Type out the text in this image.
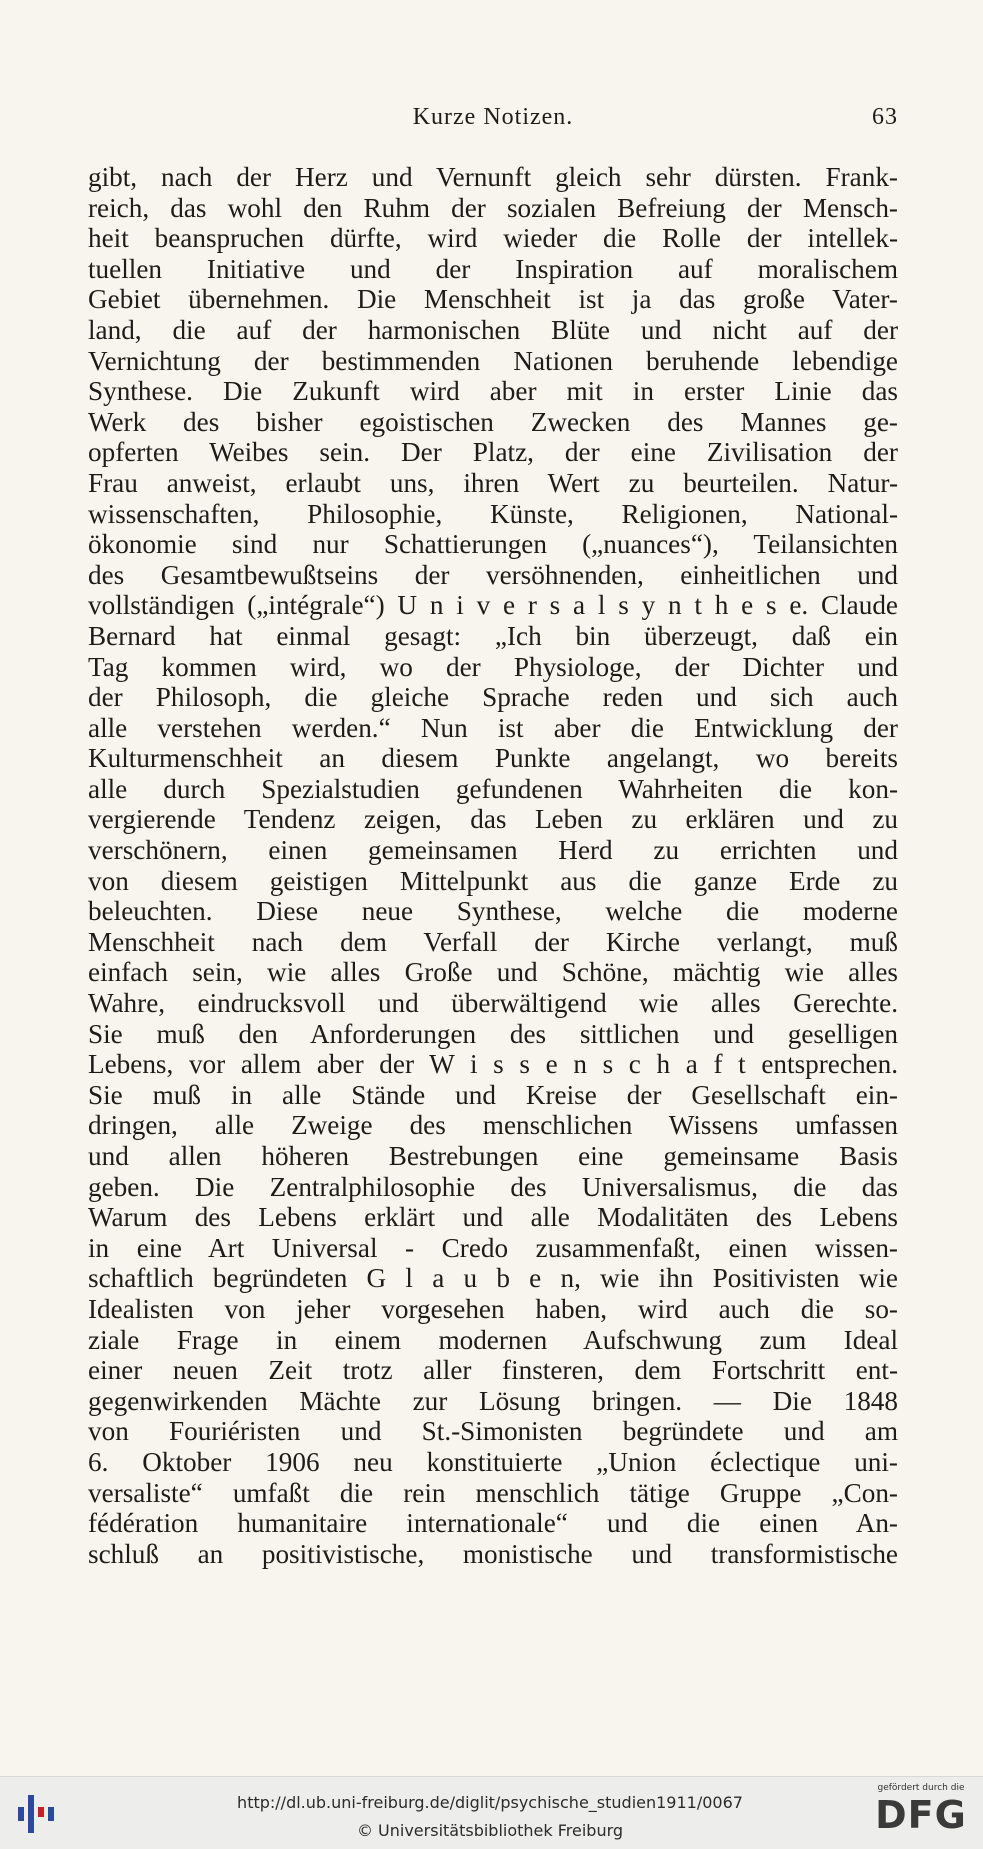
Kurze Notizen.	63
gibt, nach der Herz und Vernunft gleich sehr dürsten. Frank-
reich, das wohl den Ruhm der sozialen Befreiung der Mensch-
heit beanspruchen dürfte, wird wieder die Rolle der intellek-
tuellen Initiative und der Inspiration auf moralischem
Gebiet übernehmen. Die Menschheit ist ja das große Vater-
land, die auf der harmonischen Blüte und nicht auf der
Vernichtung der bestimmenden Nationen beruhende lebendige
Synthese. Die Zukunft wird aber mit in erster Linie das
Werk des bisher egoistischen Zwecken des Mannes ge-
opferten Weibes sein. Der Platz, der eine Zivilisation der
Frau anweist, erlaubt uns, ihren Wert zu beurteilen. Natur-
wissenschaften, Philosophie, Künste, Religionen, National-
ökonomie sind nur Schattierungen („nuances“), Teilansichten
des Gesamtbewußtseins der versöhnenden, einheitlichen und
vollständigen („intégrale“) U n i v e r s a l s y n t h e s e. Claude
Bernard hat einmal gesagt: „Ich bin überzeugt, daß ein
Tag kommen wird, wo der Physiologe, der Dichter und
der Philosoph, die gleiche Sprache reden und sich auch
alle verstehen werden.“ Nun ist aber die Entwicklung der
Kulturmenschheit an diesem Punkte angelangt, wo bereits
alle durch Spezialstudien gefundenen Wahrheiten die kon-
vergierende Tendenz zeigen, das Leben zu erklären und zu
verschönern, einen gemeinsamen Herd zu errichten und
von diesem geistigen Mittelpunkt aus die ganze Erde zu
beleuchten. Diese neue Synthese, welche die moderne
Menschheit nach dem Verfall der Kirche verlangt, muß
einfach sein, wie alles Große und Schöne, mächtig wie alles
Wahre, eindrucksvoll und überwältigend wie alles Gerechte.
Sie muß den Anforderungen des sittlichen und geselligen
Lebens, vor allem aber der W i s s e n s c h a f t entsprechen.
Sie muß in alle Stände und Kreise der Gesellschaft ein-
dringen, alle Zweige des menschlichen Wissens umfassen
und allen höheren Bestrebungen eine gemeinsame Basis
geben. Die Zentralphilosophie des Universalismus, die das
Warum des Lebens erklärt und alle Modalitäten des Lebens
in eine Art Universal - Credo zusammenfaßt, einen wissen-
schaftlich begründeten G l a u b e n, wie ihn Positivisten wie
Idealisten von jeher vorgesehen haben, wird auch die so-
ziale Frage in einem modernen Aufschwung zum Ideal
einer neuen Zeit trotz aller finsteren, dem Fortschritt ent-
gegenwirkenden Mächte zur Lösung bringen. — Die 1848
von Fouriéristen und St.-Simonisten begründete und am
6. Oktober 1906 neu konstituierte „Union éclectique uni-
versaliste“ umfaßt die rein menschlich tätige Gruppe „Con-
fédération humanitaire internationale“ und die einen An-
schluß an positivistische, monistische und transformistische
http://dl.ub.uni-freiburg.de/diglit/psychische_studien1911/0067
© Universitätsbibliothek Freiburg
gefördert durch die
DFG
